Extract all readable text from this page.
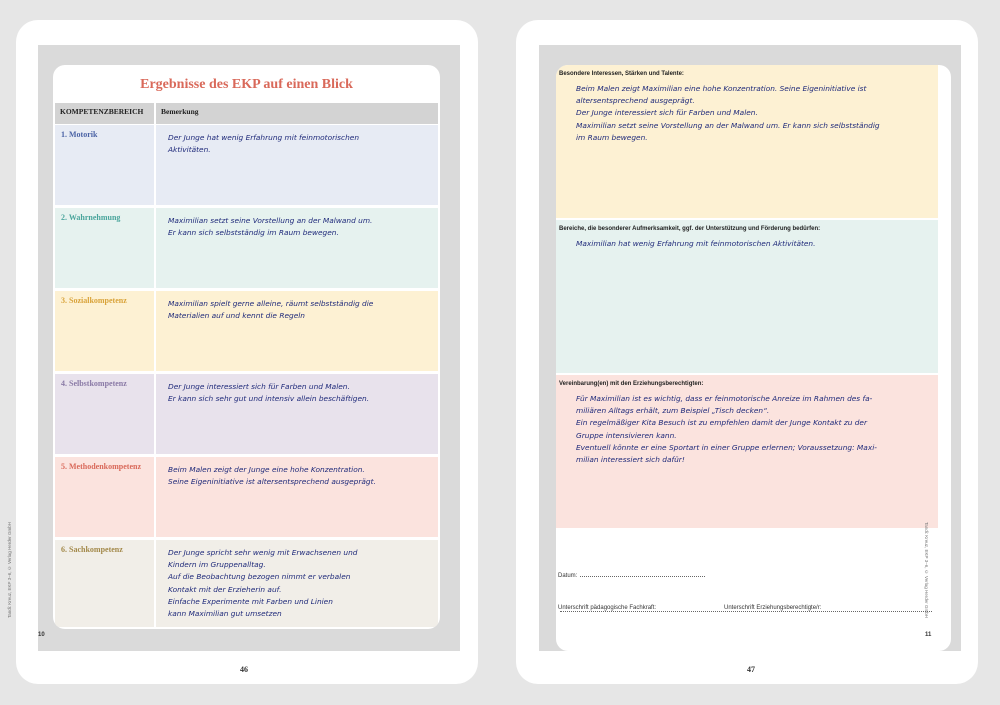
Ergebnisse des EKP auf einen Blick
KOMPETENZBEREICH	Bemerkung
1. Motorik	Der Junge hat wenig Erfahrung mit feinmotorischen

Aktivitäten.

2. Wahrnehmung	Maximilian setzt seine Vorstellung an der Malwand um.

Er kann sich selbstständig im Raum bewegen.

3. Sozialkompetenz	Maximilian spielt gerne alleine, räumt selbstständig die

Materialien auf und kennt die Regeln

4. Selbstkompetenz	Der Junge interessiert sich für Farben und Malen.

Er kann sich sehr gut und intensiv allein beschäftigen.

5. Methodenkompetenz	Beim Malen zeigt der Junge eine hohe Konzentration.

Seine Eigeninitiative ist altersentsprechend ausgeprägt.

6. Sachkompetenz	Der Junge spricht sehr wenig mit Erwachsenen und

Kindern im Gruppenalltag.

Auf die Beobachtung bezogen nimmt er verbalen

Kontakt mit der Erzieherin auf.

Einfache Experimente mit Farben und Linien

kann Maximilian gut umsetzen

10
46
Tandi: Kreuz, EKP 3–6, © Verlag Herder GmbH
Besondere Interessen, Stärken und Talente:

Beim Malen zeigt Maximilian eine hohe Konzentration. Seine Eigeninitiative ist

altersentsprechend ausgeprägt.

Der Junge interessiert sich für Farben und Malen.

Maximilian setzt seine Vorstellung an der Malwand um. Er kann sich selbstständig

im Raum bewegen.

Bereiche, die besonderer Aufmerksamkeit, ggf. der Unterstützung und Förderung bedürfen:

Maximilian hat wenig Erfahrung mit feinmotorischen Aktivitäten.

Vereinbarung(en) mit den Erziehungsberechtigten:

Für Maximilian ist es wichtig, dass er feinmotorische Anreize im Rahmen des fa-

miliären Alltags erhält, zum Beispiel „Tisch decken“.

Ein regelmäßiger Kita Besuch ist zu empfehlen damit der Junge Kontakt zu der

Gruppe intensivieren kann.

Eventuell könnte er eine Sportart in einer Gruppe erlernen; Voraussetzung: Maxi-

milian interessiert sich dafür!

Datum:
Unterschrift pädagogische Fachkraft:	Unterschrift Erziehungsberechtigte/r:
11
47
Tandi: Kreuz, EKP 3–6, © Verlag Herder GmbH
